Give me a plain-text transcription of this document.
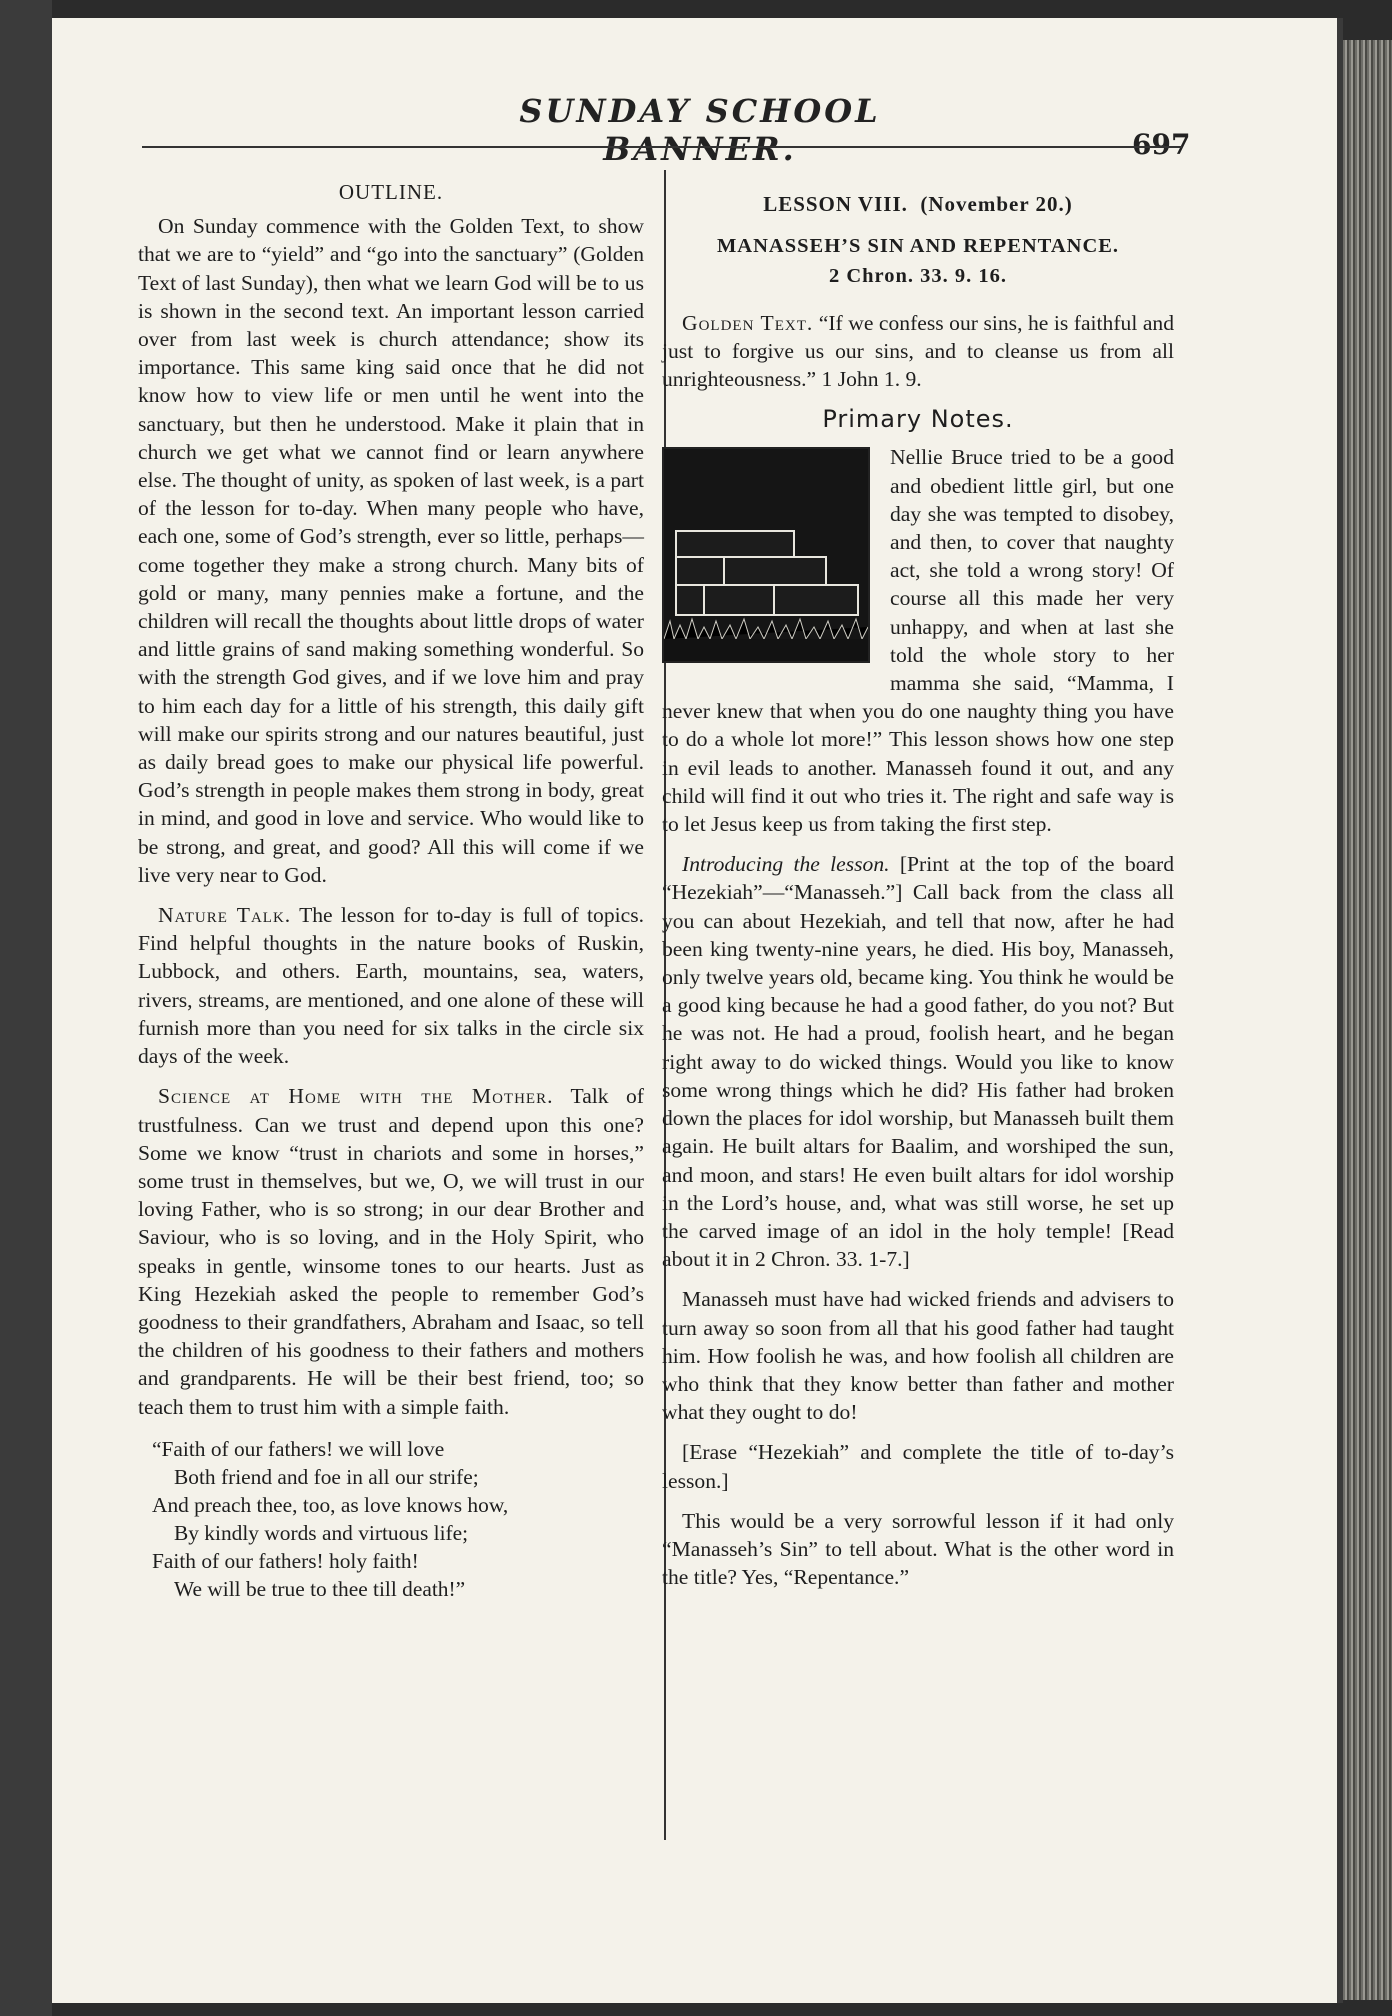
SUNDAY SCHOOL BANNER.	697

OUTLINE.

On Sunday commence with the Golden Text, to show that we are to “yield” and “go into the sanctuary” (Golden Text of last Sunday), then what we learn God will be to us is shown in the second text. An important lesson carried over from last week is church attendance; show its importance. This same king said once that he did not know how to view life or men until he went into the sanctuary, but then he understood. Make it plain that in church we get what we cannot find or learn anywhere else. The thought of unity, as spoken of last week, is a part of the lesson for to-day. When many people who have, each one, some of God’s strength, ever so little, perhaps—come together they make a strong church. Many bits of gold or many, many pennies make a fortune, and the children will recall the thoughts about little drops of water and little grains of sand making something wonderful. So with the strength God gives, and if we love him and pray to him each day for a little of his strength, this daily gift will make our spirits strong and our natures beautiful, just as daily bread goes to make our physical life powerful. God’s strength in people makes them strong in body, great in mind, and good in love and service. Who would like to be strong, and great, and good? All this will come if we live very near to God.

Nature Talk. The lesson for to-day is full of topics. Find helpful thoughts in the nature books of Ruskin, Lubbock, and others. Earth, mountains, sea, waters, rivers, streams, are mentioned, and one alone of these will furnish more than you need for six talks in the circle six days of the week.

Science at Home with the Mother. Talk of trustfulness. Can we trust and depend upon this one? Some we know “trust in chariots and some in horses,” some trust in themselves, but we, O, we will trust in our loving Father, who is so strong; in our dear Brother and Saviour, who is so loving, and in the Holy Spirit, who speaks in gentle, winsome tones to our hearts. Just as King Hezekiah asked the people to remember God’s goodness to their grandfathers, Abraham and Isaac, so tell the children of his goodness to their fathers and mothers and grandparents. He will be their best friend, too; so teach them to trust him with a simple faith.

“Faith of our fathers! we will love
Both friend and foe in all our strife;
And preach thee, too, as love knows how,
By kindly words and virtuous life;
Faith of our fathers! holy faith!
We will be true to thee till death!”
LESSON VIII. (November 20.)
MANASSEH’S SIN AND REPENTANCE.
2 Chron. 33. 9. 16.

Golden Text. “If we confess our sins, he is faithful and just to forgive us our sins, and to cleanse us from all unrighteousness.” 1 John 1. 9.

Primary Notes.

Nellie Bruce tried to be a good and obedient little girl, but one day she was tempted to disobey, and then, to cover that naughty act, she told a wrong story! Of course all this made her very unhappy, and when at last she told the whole story to her mamma she said, “Mamma, I never knew that when you do one naughty thing you have to do a whole lot more!” This lesson shows how one step in evil leads to another. Manasseh found it out, and any child will find it out who tries it. The right and safe way is to let Jesus keep us from taking the first step.

Introducing the lesson. [Print at the top of the board “Hezekiah”—“Manasseh.”] Call back from the class all you can about Hezekiah, and tell that now, after he had been king twenty-nine years, he died. His boy, Manasseh, only twelve years old, became king. You think he would be a good king because he had a good father, do you not? But he was not. He had a proud, foolish heart, and he began right away to do wicked things. Would you like to know some wrong things which he did? His father had broken down the places for idol worship, but Manasseh built them again. He built altars for Baalim, and worshiped the sun, and moon, and stars! He even built altars for idol worship in the Lord’s house, and, what was still worse, he set up the carved image of an idol in the holy temple! [Read about it in 2 Chron. 33. 1-7.]

Manasseh must have had wicked friends and advisers to turn away so soon from all that his good father had taught him. How foolish he was, and how foolish all children are who think that they know better than father and mother what they ought to do!

[Erase “Hezekiah” and complete the title of to-day’s lesson.]

This would be a very sorrowful lesson if it had only “Manasseh’s Sin” to tell about. What is the other word in the title? Yes, “Repentance.”
